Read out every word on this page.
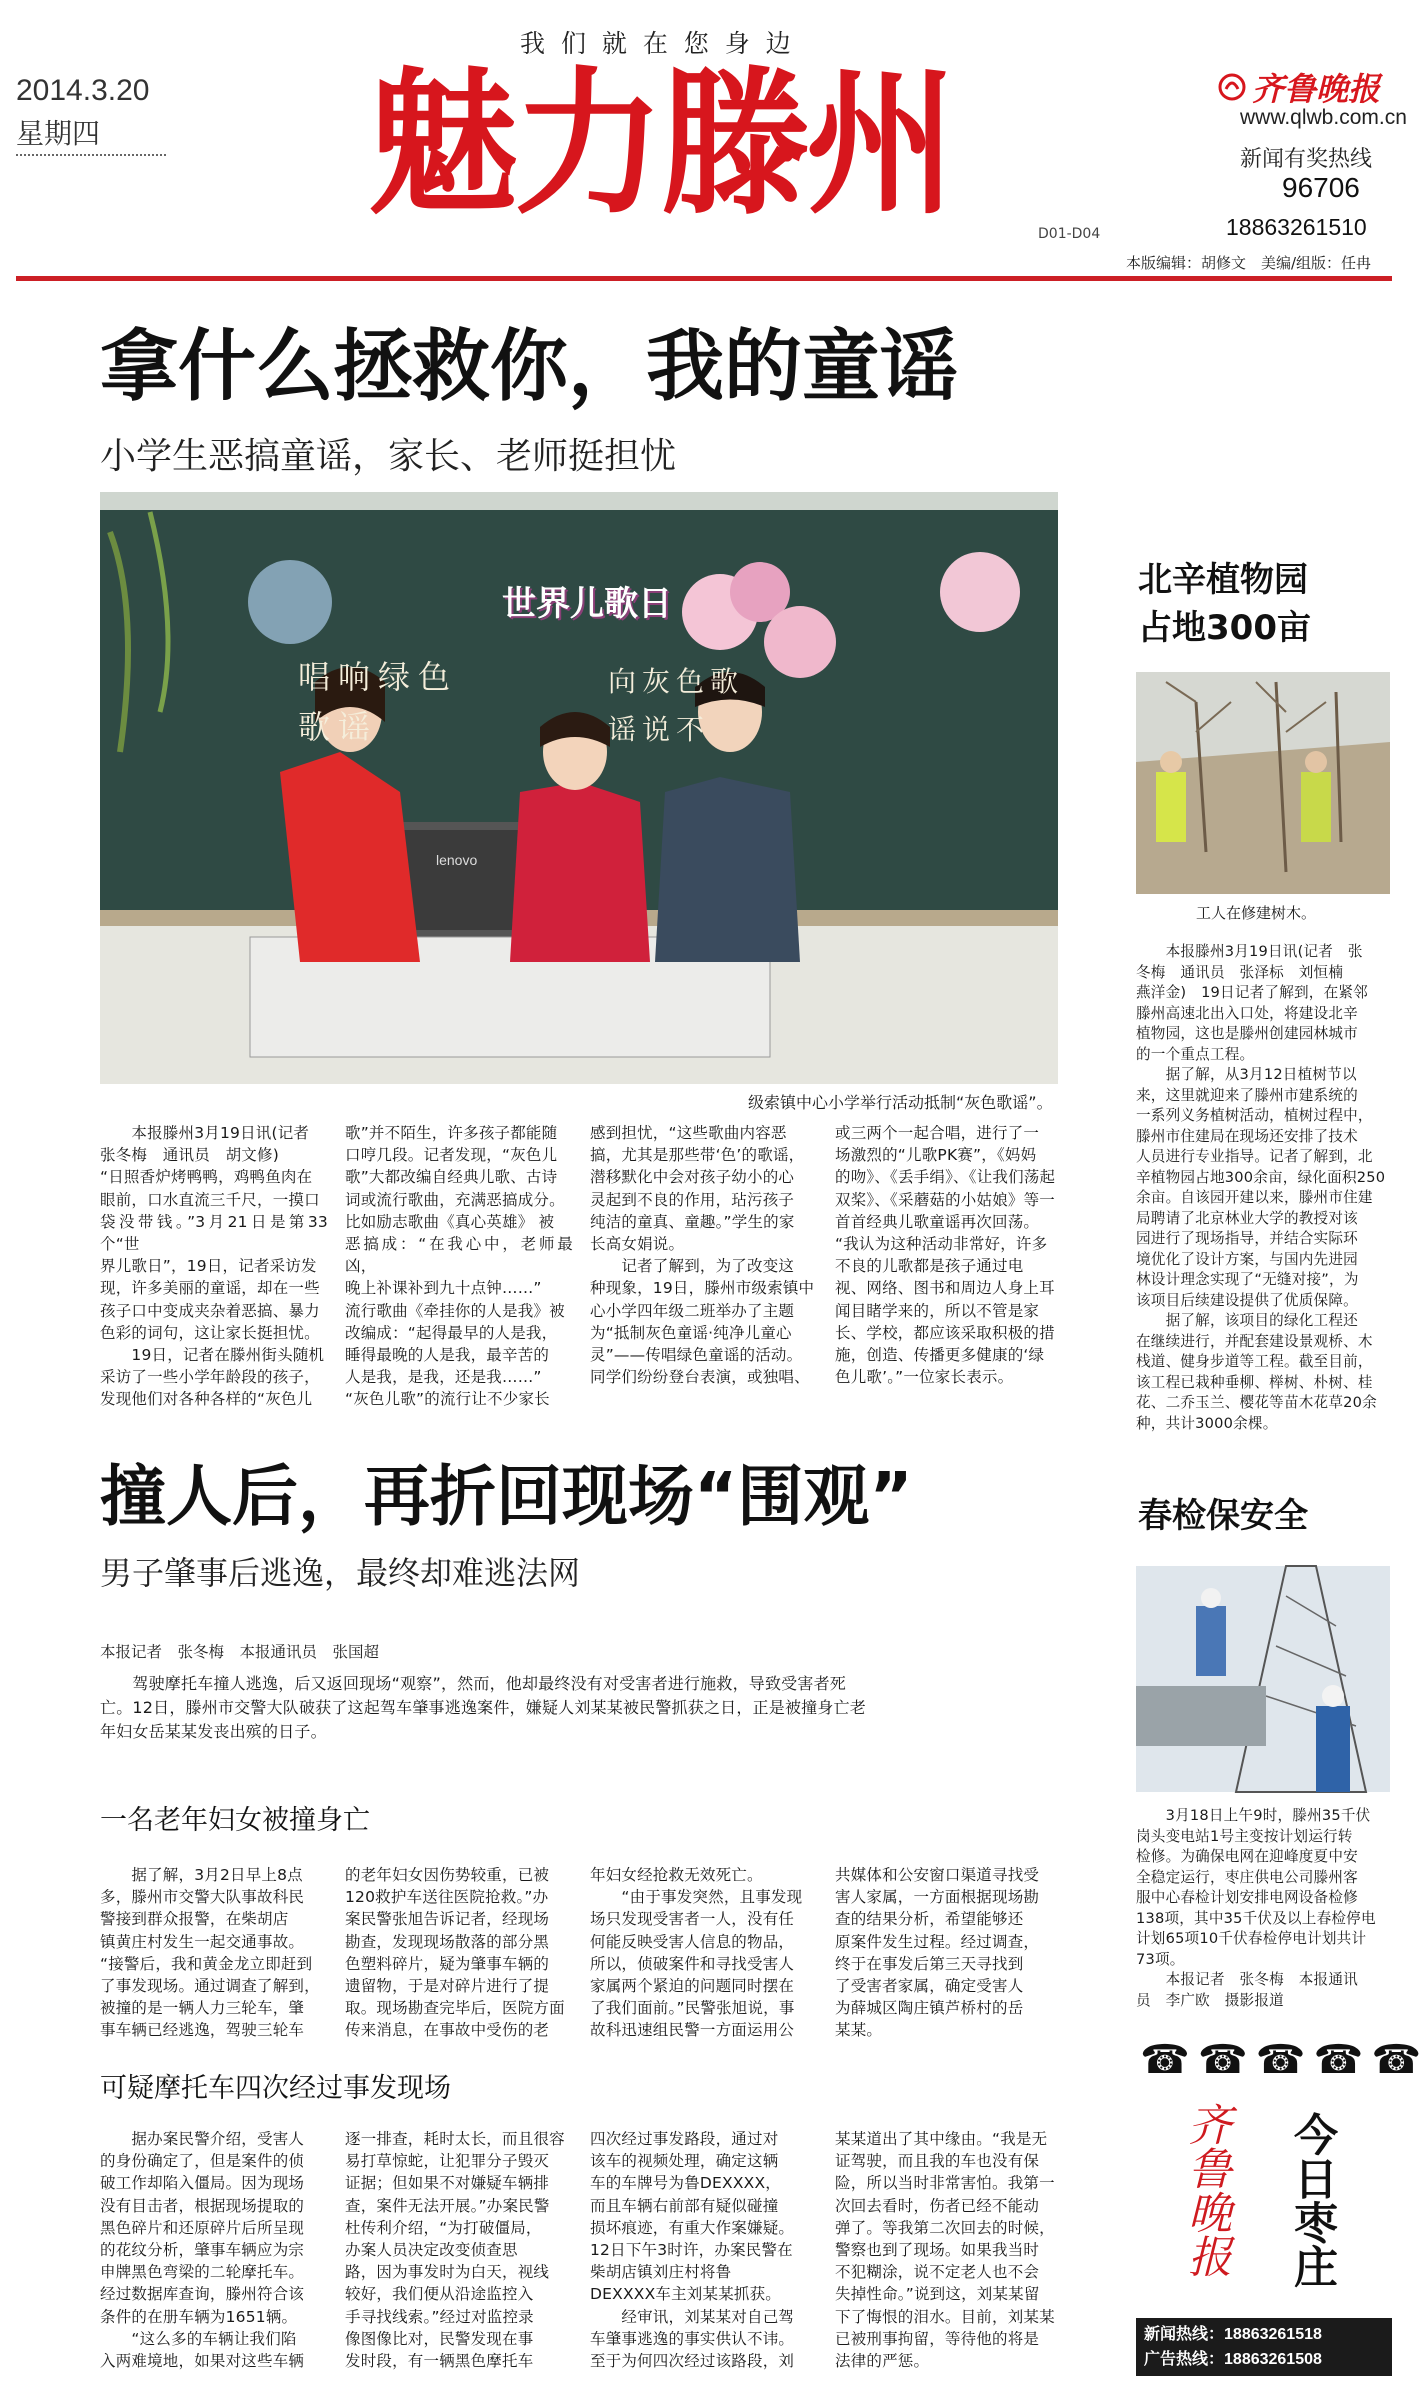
我 们 就 在 您 身 边
2014.3.20
星期四 魅力滕州	D01-D04
齐鲁晚报
www.qlwb.com.cn
新闻有奖热线
96706
18863261510
本版编辑：胡修文　美编/组版：任冉
拿什么拯救你，我的童谣
小学生恶搞童谣，家长、老师挺担忧
世界儿歌日
唱响绿色歌谣
向灰色歌谣说不
lenovo
级索镇中心小学举行活动抵制“灰色歌谣”。
　　本报滕州3月19日讯(记者
张冬梅　通讯员　胡文修)
“日照香炉烤鸭鸭，鸡鸭鱼肉在
眼前，口水直流三千尺，一摸口
袋没带钱。”3月21日是第33个“世
界儿歌日”，19日，记者采访发
现，许多美丽的童谣，却在一些
孩子口中变成夹杂着恶搞、暴力
色彩的词句，这让家长挺担忧。
　　19日，记者在滕州街头随机
采访了一些小学年龄段的孩子，
发现他们对各种各样的“灰色儿
歌”并不陌生，许多孩子都能随
口哼几段。记者发现，“灰色儿
歌”大都改编自经典儿歌、古诗
词或流行歌曲，充满恶搞成分。
比如励志歌曲《真心英雄》 被
恶搞成：“在我心中，老师最凶，
晚上补课补到九十点钟……”
流行歌曲《牵挂你的人是我》被
改编成：“起得最早的人是我，
睡得最晚的人是我，最辛苦的
人是我，是我，还是我……”
“灰色儿歌”的流行让不少家长
感到担忧，“这些歌曲内容恶
搞，尤其是那些带‘色’的歌谣，
潜移默化中会对孩子幼小的心
灵起到不良的作用，玷污孩子
纯洁的童真、童趣。”学生的家
长高女娟说。
　　记者了解到，为了改变这
种现象，19日，滕州市级索镇中
心小学四年级二班举办了主题
为“抵制灰色童谣·纯净儿童心
灵”——传唱绿色童谣的活动。
同学们纷纷登台表演，或独唱、
或三两个一起合唱，进行了一
场激烈的“儿歌PK赛”，《妈妈
的吻》、《丢手绢》、《让我们荡起
双桨》、《采蘑菇的小姑娘》等一
首首经典儿歌童谣再次回荡。
“我认为这种活动非常好，许多
不良的儿歌都是孩子通过电
视、网络、图书和周边人身上耳
闻目睹学来的，所以不管是家
长、学校，都应该采取积极的措
施，创造、传播更多健康的‘绿
色儿歌’。”一位家长表示。
北辛植物园
占地300亩
工人在修建树木。
　　本报滕州3月19日讯(记者　张
冬梅　通讯员　张泽标　刘恒楠
燕洋金)　19日记者了解到，在紧邻
滕州高速北出入口处，将建设北辛
植物园，这也是滕州创建园林城市
的一个重点工程。
　　据了解，从3月12日植树节以
来，这里就迎来了滕州市建系统的
一系列义务植树活动，植树过程中，
滕州市住建局在现场还安排了技术
人员进行专业指导。记者了解到，北
辛植物园占地300余亩，绿化面积250
余亩。自该园开建以来，滕州市住建
局聘请了北京林业大学的教授对该
园进行了现场指导，并结合实际环
境优化了设计方案，与国内先进园
林设计理念实现了“无缝对接”，为
该项目后续建设提供了优质保障。
　　据了解，该项目的绿化工程还
在继续进行，并配套建设景观桥、木
栈道、健身步道等工程。截至目前，
该工程已栽种垂柳、榉树、朴树、桂
花、二乔玉兰、樱花等苗木花草20余
种，共计3000余棵。
撞人后，再折回现场“围观”
男子肇事后逃逸，最终却难逃法网
本报记者　张冬梅　本报通讯员　张国超
　　驾驶摩托车撞人逃逸，后又返回现场“观察”，然而，他却最终没有对受害者进行施救，导致受害者死
亡。12日，滕州市交警大队破获了这起驾车肇事逃逸案件，嫌疑人刘某某被民警抓获之日，正是被撞身亡老
年妇女岳某某发丧出殡的日子。
一名老年妇女被撞身亡
　　据了解，3月2日早上8点
多，滕州市交警大队事故科民
警接到群众报警，在柴胡店
镇黄庄村发生一起交通事故。
“接警后，我和黄金龙立即赶到
了事发现场。通过调查了解到，
被撞的是一辆人力三轮车，肇
事车辆已经逃逸，驾驶三轮车
的老年妇女因伤势较重，已被
120救护车送往医院抢救。”办
案民警张旭告诉记者，经现场
勘查，发现现场散落的部分黑
色塑料碎片，疑为肇事车辆的
遗留物，于是对碎片进行了提
取。现场勘查完毕后，医院方面
传来消息，在事故中受伤的老
年妇女经抢救无效死亡。
　　“由于事发突然，且事发现
场只发现受害者一人，没有任
何能反映受害人信息的物品，
所以，侦破案件和寻找受害人
家属两个紧迫的问题同时摆在
了我们面前。”民警张旭说，事
故科迅速组民警一方面运用公
共媒体和公安窗口渠道寻找受
害人家属，一方面根据现场勘
查的结果分析，希望能够还
原案件发生过程。经过调查，
终于在事发后第三天寻找到
了受害者家属，确定受害人
为薛城区陶庄镇芦桥村的岳
某某。
可疑摩托车四次经过事发现场
　　据办案民警介绍，受害人
的身份确定了，但是案件的侦
破工作却陷入僵局。因为现场
没有目击者，根据现场提取的
黑色碎片和还原碎片后所呈现
的花纹分析，肇事车辆应为宗
申牌黑色弯梁的二轮摩托车。
经过数据库查询，滕州符合该
条件的在册车辆为1651辆。
　　“这么多的车辆让我们陷
入两难境地，如果对这些车辆
逐一排查，耗时太长，而且很容
易打草惊蛇，让犯罪分子毁灭
证据；但如果不对嫌疑车辆排
查，案件无法开展。”办案民警
杜传利介绍，“为打破僵局，
办案人员决定改变侦查思
路，因为事发时为白天，视线
较好，我们便从沿途监控入
手寻找线索。”经过对监控录
像图像比对，民警发现在事
发时段，有一辆黑色摩托车
四次经过事发路段，通过对
该车的视频处理，确定这辆
车的车牌号为鲁DEXXXX，
而且车辆右前部有疑似碰撞
损坏痕迹，有重大作案嫌疑。
12日下午3时许，办案民警在
柴胡店镇刘庄村将鲁
DEXXXX车主刘某某抓获。
　　经审讯，刘某某对自己驾
车肇事逃逸的事实供认不讳。
至于为何四次经过该路段，刘
某某道出了其中缘由。“我是无
证驾驶，而且我的车也没有保
险，所以当时非常害怕。我第一
次回去看时，伤者已经不能动
弹了。等我第二次回去的时候，
警察也到了现场。如果我当时
不犯糊涂，说不定老人也不会
失掉性命。”说到这，刘某某留
下了悔恨的泪水。目前，刘某某
已被刑事拘留，等待他的将是
法律的严惩。
春检保安全
　　3月18日上午9时，滕州35千伏
岗头变电站1号主变按计划运行转
检修。为确保电网在迎峰度夏中安
全稳定运行，枣庄供电公司滕州客
服中心春检计划安排电网设备检修
138项，其中35千伏及以上春检停电
计划65项10千伏春检停电计划共计
73项。
　　本报记者　张冬梅　本报通讯
员　李广欧　摄影报道
☎ ☎ ☎ ☎ ☎
齐鲁晚报 今日枣庄
新闻热线：18863261518
广告热线：18863261508
